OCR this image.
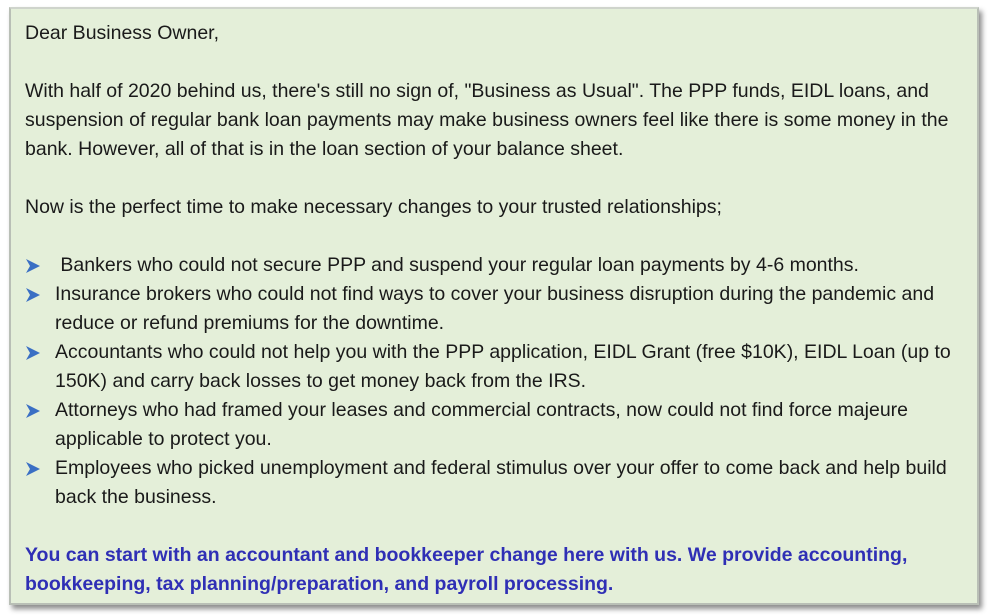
Dear Business Owner,

With half of 2020 behind us, there's still no sign of, "Business as Usual". The PPP funds, EIDL loans, and suspension of regular bank loan payments may make business owners feel like there is some money in the bank. However, all of that is in the loan section of your balance sheet.

Now is the perfect time to make necessary changes to your trusted relationships;

Bankers who could not secure PPP and suspend your regular loan payments by 4-6 months.
Insurance brokers who could not find ways to cover your business disruption during the pandemic and reduce or refund premiums for the downtime.
Accountants who could not help you with the PPP application, EIDL Grant (free $10K), EIDL Loan (up to 150K) and carry back losses to get money back from the IRS.
Attorneys who had framed your leases and commercial contracts, now could not find force majeure applicable to protect you.
Employees who picked unemployment and federal stimulus over your offer to come back and help build back the business.

You can start with an accountant and bookkeeper change here with us. We provide accounting, bookkeeping, tax planning/preparation, and payroll processing.
